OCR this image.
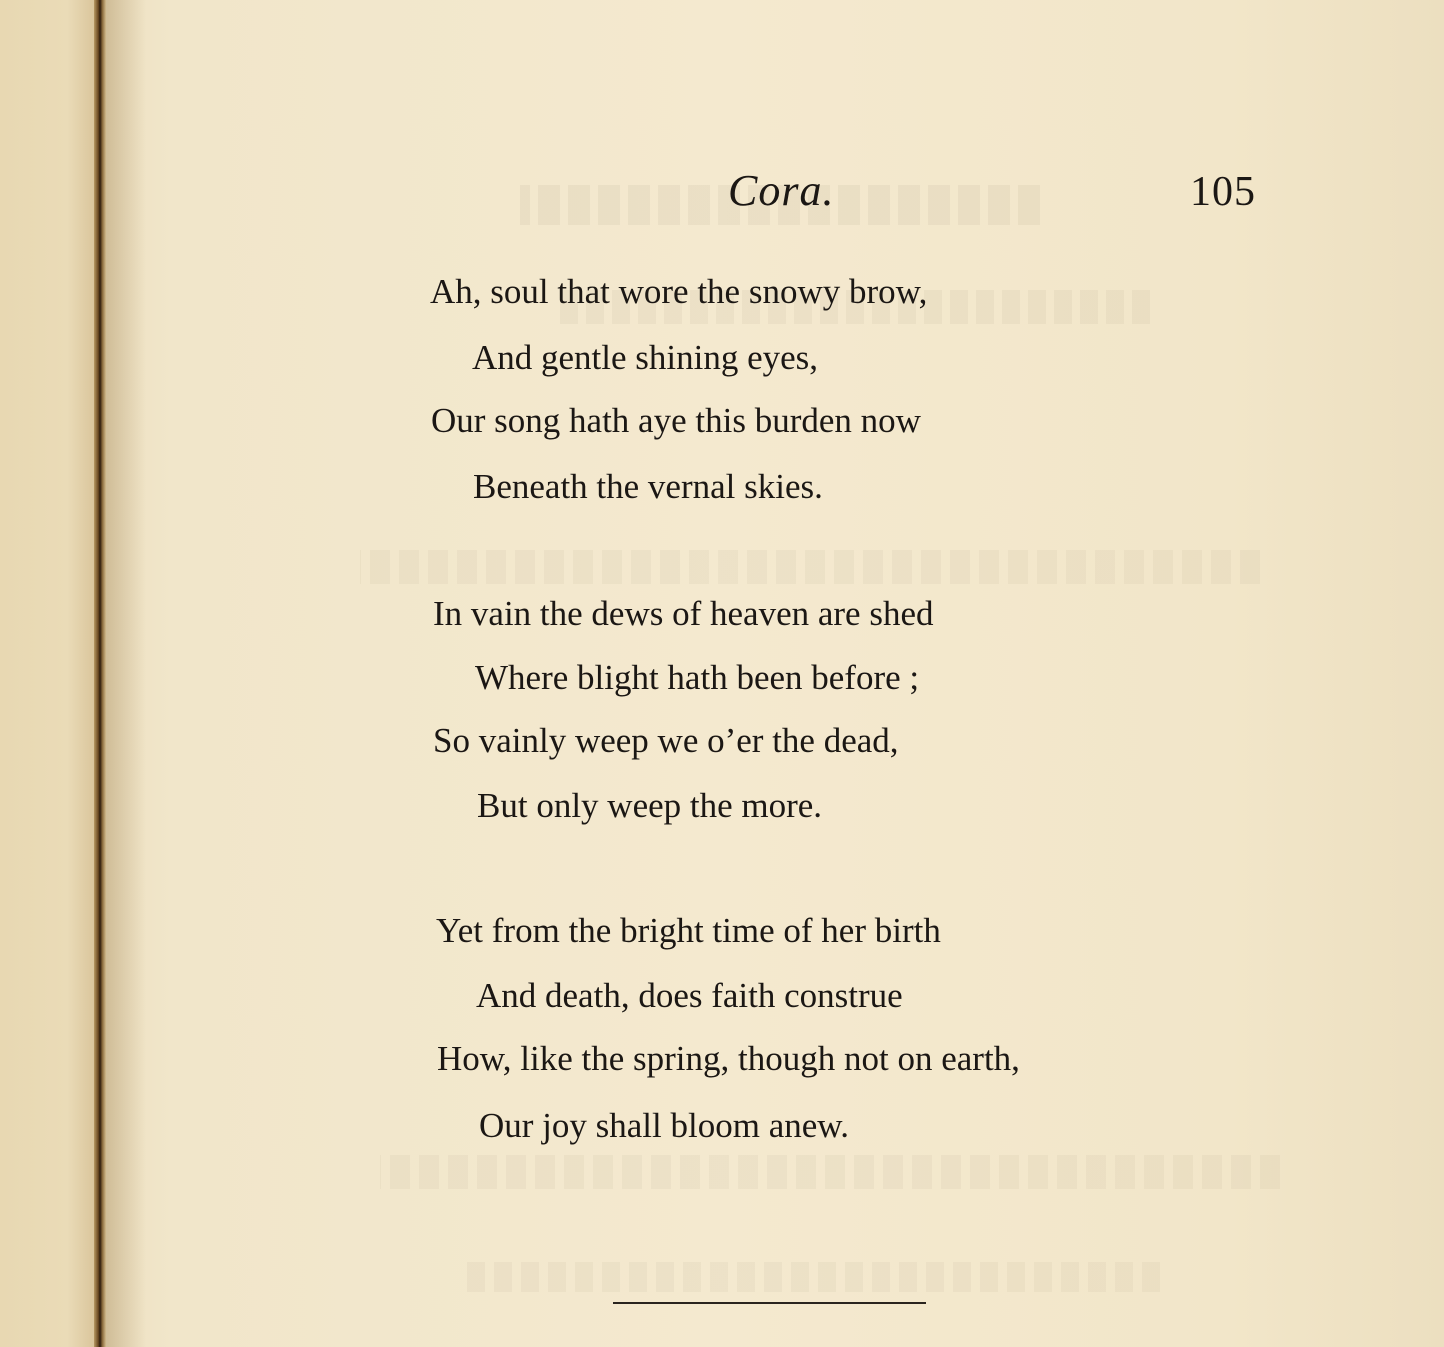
Cora.	105
Ah, soul that wore the snowy brow,
And gentle shining eyes,
Our song hath aye this burden now
Beneath the vernal skies.
In vain the dews of heaven are shed
Where blight hath been before ;
So vainly weep we o’er the dead,
But only weep the more.
Yet from the bright time of her birth
And death, does faith construe
How, like the spring, though not on earth,
Our joy shall bloom anew.
